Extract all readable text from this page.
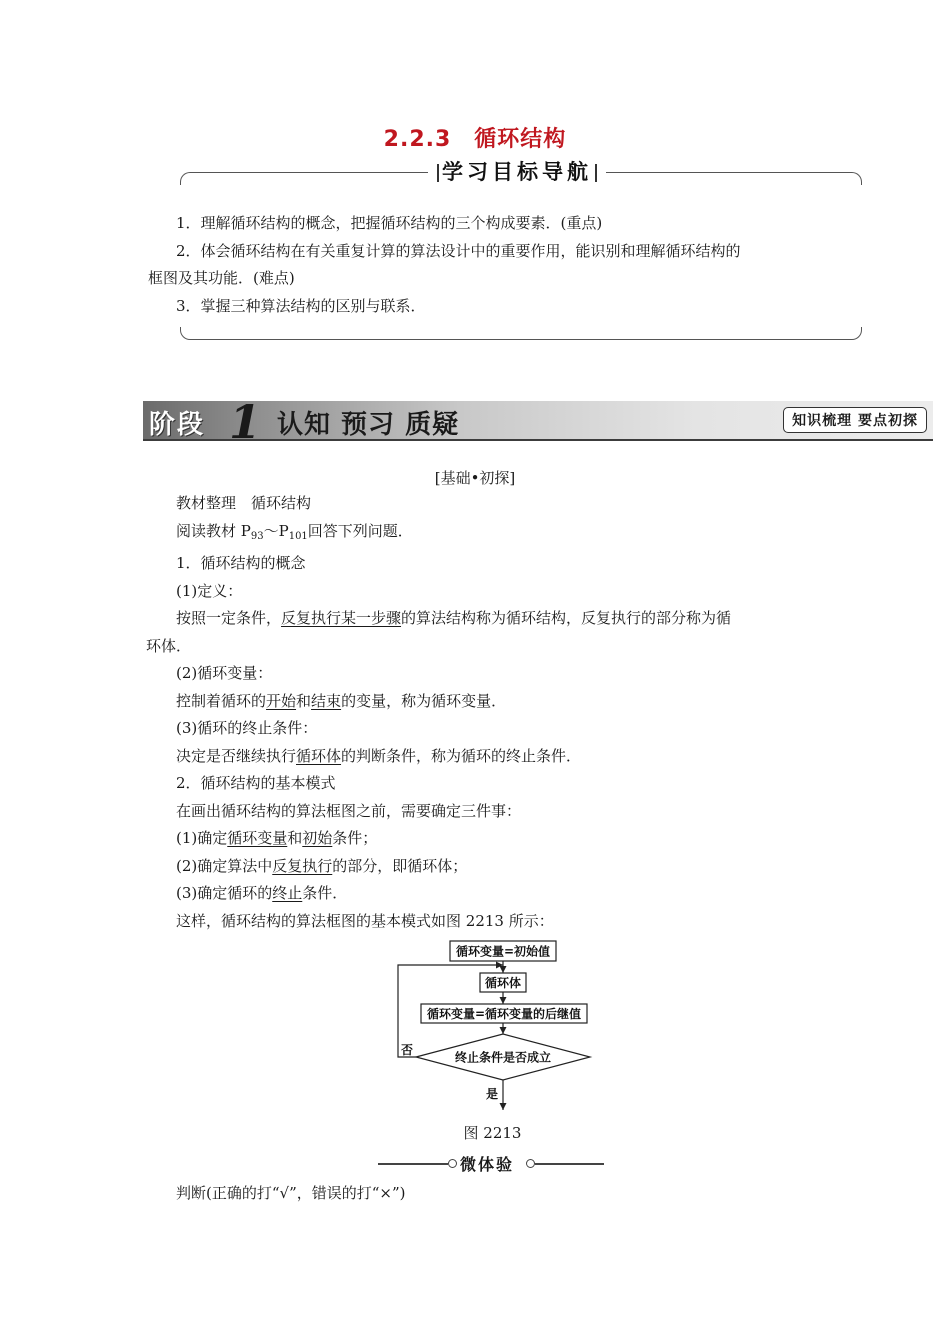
2.2.3　循环结构
学习目标导航
1．理解循环结构的概念，把握循环结构的三个构成要素．(重点)
2．体会循环结构在有关重复计算的算法设计中的重要作用，能识别和理解循环结构的
框图及其功能．(难点)
3．掌握三种算法结构的区别与联系．
阶段 1 认知 预习 质疑	知识梳理 要点初探
[基础•初探]

教材整理　循环结构

阅读教材 $P_{93}\sim P_{101}$回答下列问题．

1．循环结构的概念

(1)定义：

按照一定条件，反复执行某一步骤的算法结构称为循环结构，反复执行的部分称为循

环体．

(2)循环变量：

控制着循环的开始和结束的变量，称为循环变量．

(3)循环的终止条件：

决定是否继续执行循环体的判断条件，称为循环的终止条件．

2．循环结构的基本模式

在画出循环结构的算法框图之前，需要确定三件事：

(1)确定循环变量和初始条件；

(2)确定算法中反复执行的部分，即循环体；

(3)确定循环的终止条件．

这样，循环结构的算法框图的基本模式如图 2213 所示：

循环变量=初始值
循环体
循环变量=循环变量的后继值
终止条件是否成立
否
是
图 2213
微体验
判断(正确的打“√”，错误的打“×”)
